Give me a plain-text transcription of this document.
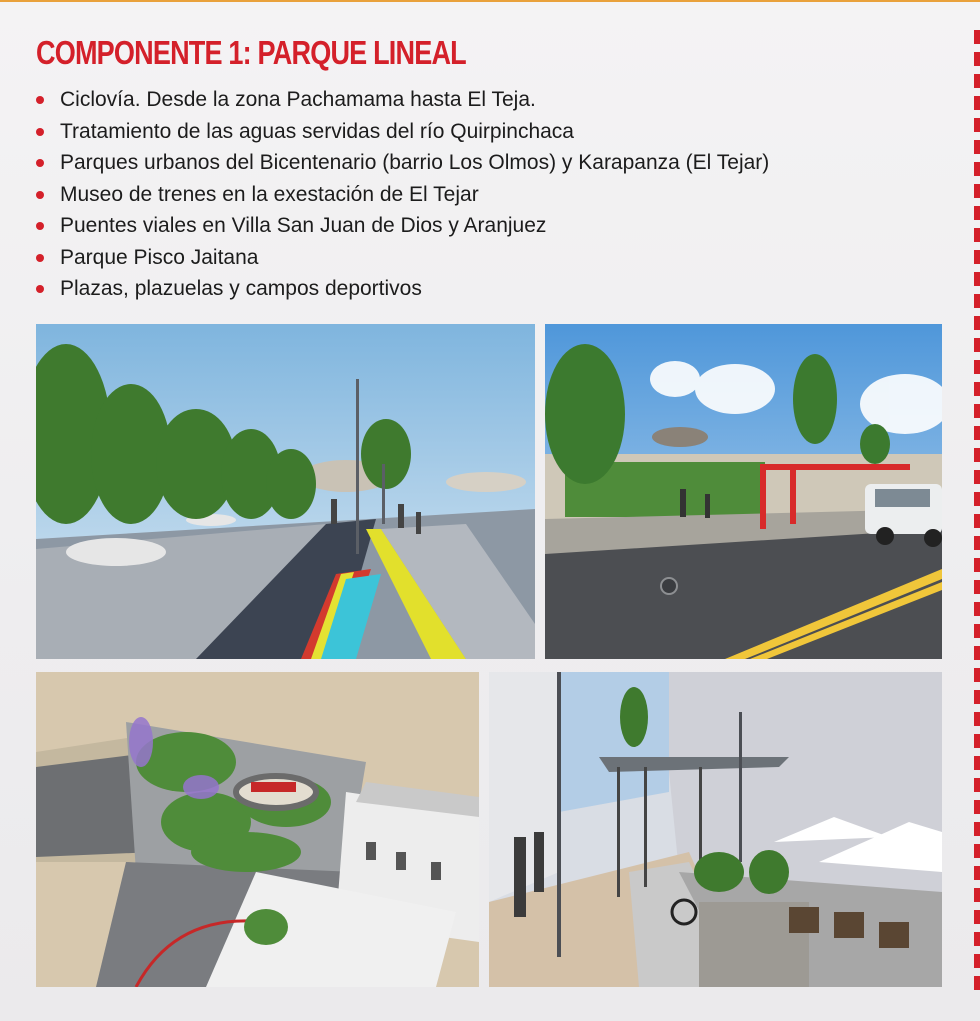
COMPONENTE 1: PARQUE LINEAL
Ciclovía. Desde la zona Pachamama hasta El Teja.
Tratamiento de las aguas servidas del río Quirpinchaca
Parques urbanos del Bicentenario (barrio Los Olmos) y Karapanza (El Tejar)
Museo de trenes en la exestación de El Tejar
Puentes viales en Villa San Juan de Dios y Aranjuez
Parque Pisco Jaitana
Plazas, plazuelas y campos deportivos
